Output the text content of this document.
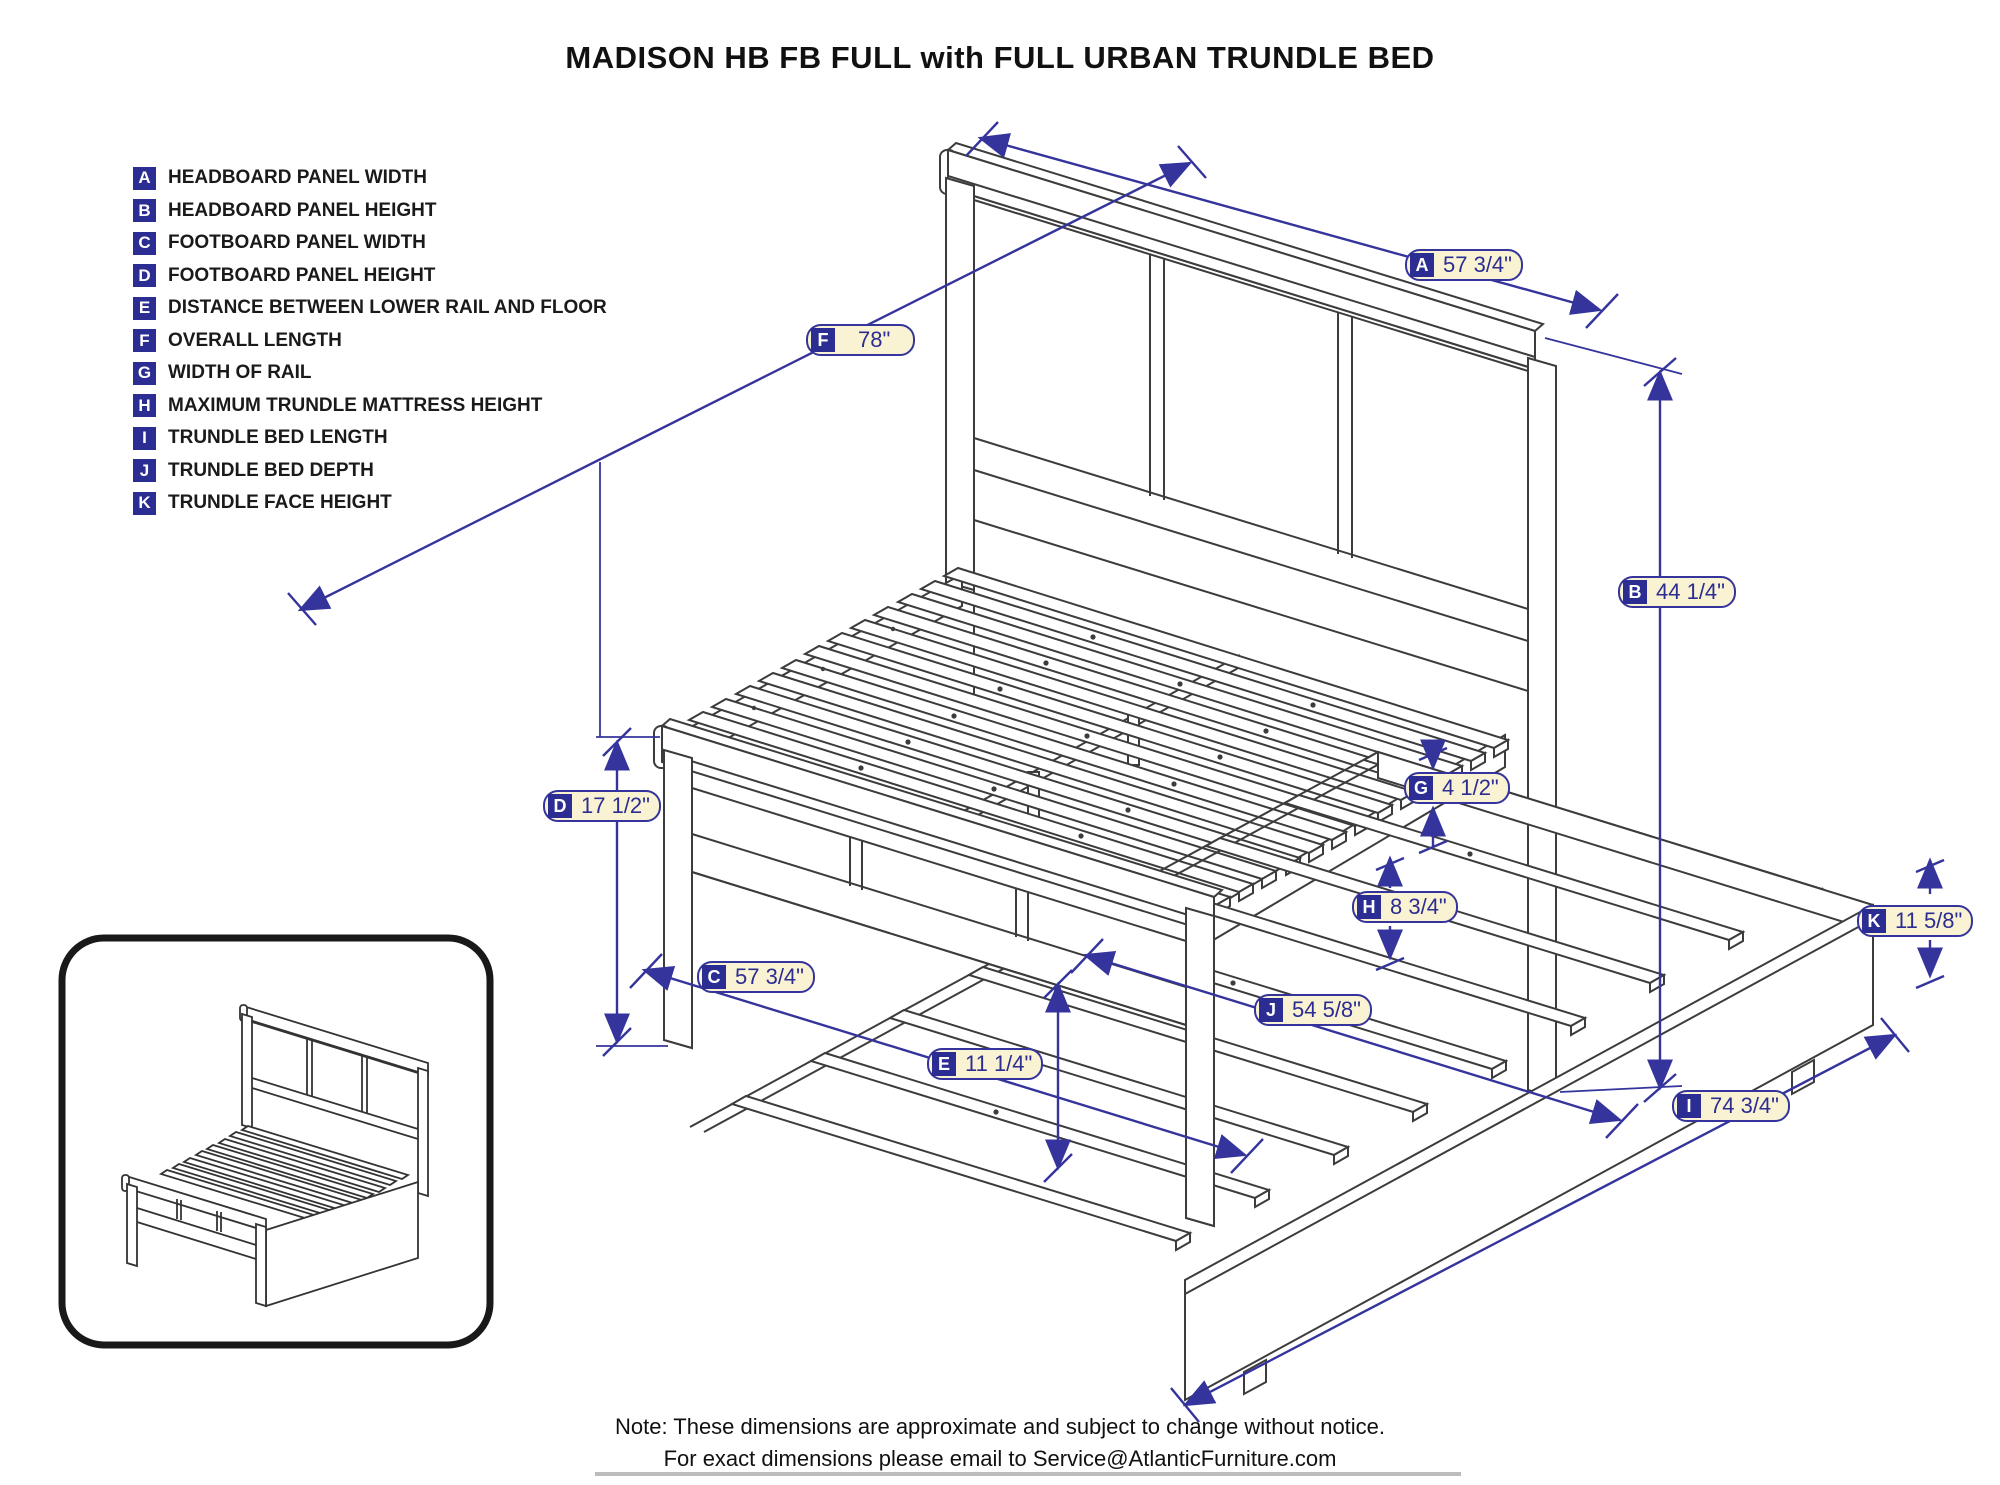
MADISON HB FB FULL with FULL URBAN TRUNDLE BED
A HEADBOARD PANEL WIDTH
B HEADBOARD PANEL HEIGHT
C FOOTBOARD PANEL WIDTH
D FOOTBOARD PANEL HEIGHT
E DISTANCE BETWEEN LOWER RAIL AND FLOOR
F OVERALL LENGTH
G WIDTH OF RAIL
H MAXIMUM TRUNDLE MATTRESS HEIGHT
I	TRUNDLE BED LENGTH
J TRUNDLE BED DEPTH
K TRUNDLE FACE HEIGHT
A 57 3/4"
F	78"
B 44 1/4"
D 17 1/2"
G 4 1/2"
H 8 3/4"
K 11 5/8"
C 57 3/4"
J 54 5/8"
E 11 1/4"
I 74 3/4"
Note: These dimensions are approximate and subject to change without notice.
For exact dimensions please email to Service@AtlanticFurniture.com
